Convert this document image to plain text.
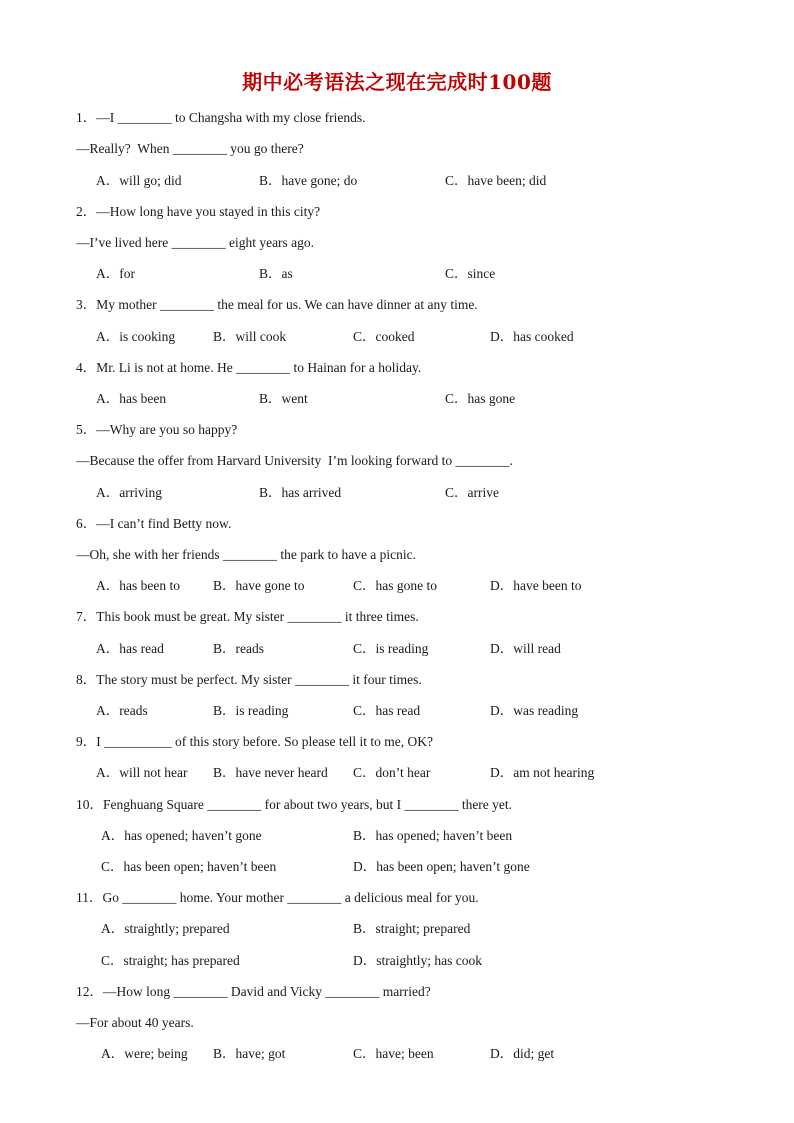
期中必考语法之现在完成时100题
1．—I ________ to Changsha with my close friends.
—Really?  When ________ you go there?
A．will go; did	B．have gone; do	C．have been; did
2．—How long have you stayed in this city?
—I’ve lived here ________ eight years ago.
A．for	B．as	C．since
3．My mother ________ the meal for us. We can have dinner at any time.
A．is cooking	B．will cook	C．cooked	D．has cooked
4．Mr. Li is not at home. He ________ to Hainan for a holiday.
A．has been	B．went	C．has gone
5．—Why are you so happy?
—Because the offer from Harvard University  I’m looking forward to ________.
A．arriving	B．has arrived	C．arrive
6．—I can’t find Betty now.
—Oh, she with her friends ________ the park to have a picnic.
A．has been to B．have gone to	C．has gone to	D．have been to
7．This book must be great. My sister ________ it three times.
A．has read	B．reads	C．is reading	D．will read
8．The story must be perfect. My sister ________ it four times.
A．reads	B．is reading	C．has read	D．was reading
9．I __________ of this story before. So please tell it to me, OK?
A．will not hear B．have never heard C．don’t hear	D．am not hearing
10．Fenghuang Square ________ for about two years, but I ________ there yet.
A．has opened; haven’t gone	B．has opened; haven’t been
C．has been open; haven’t been	D．has been open; haven’t gone
11．Go ________ home. Your mother ________ a delicious meal for you.
A．straightly; prepared	B．straight; prepared
C．straight; has prepared	D．straightly; has cook
12．—How long ________ David and Vicky ________ married?
—For about 40 years.
A．were; being B．have; got	C．have; been	D．did; get
